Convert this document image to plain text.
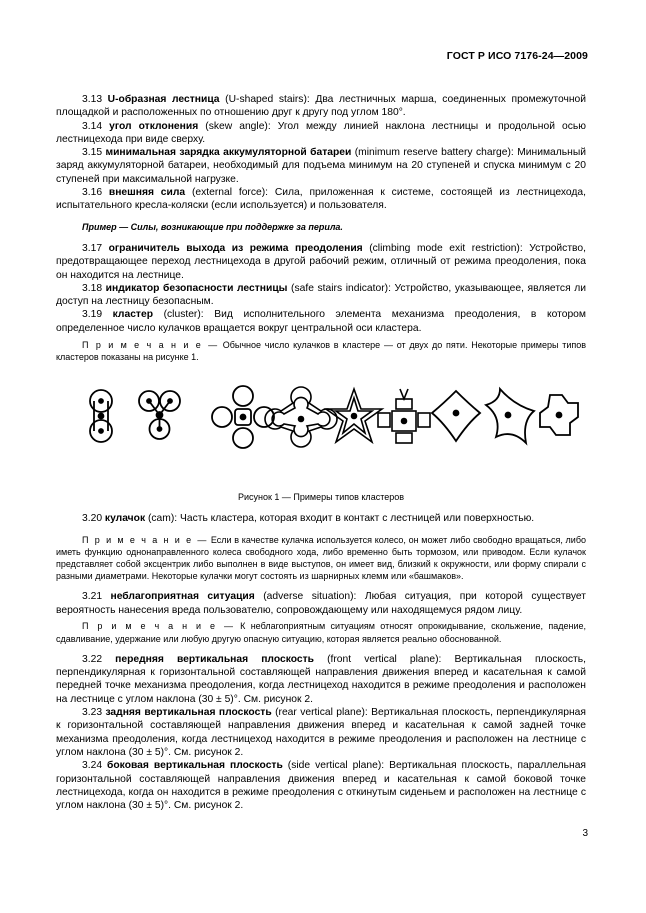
ГОСТ Р ИСО 7176-24—2009

3.13 U-образная лестница (U-shaped stairs): Два лестничных марша, соединенных промежуточной площадкой и расположенных по отношению друг к другу под углом 180°.

3.14 угол отклонения (skew angle): Угол между линией наклона лестницы и продольной осью лестницехода при виде сверху.

3.15 минимальная зарядка аккумуляторной батареи (minimum reserve battery charge): Минимальный заряд аккумуляторной батареи, необходимый для подъема минимум на 20 ступеней и спуска минимум с 20 ступеней при максимальной нагрузке.

3.16 внешняя сила (external force): Сила, приложенная к системе, состоящей из лестницехода, испытательного кресла-коляски (если используется) и пользователя.

Пример — Силы, возникающие при поддержке за перила.

3.17 ограничитель выхода из режима преодоления (climbing mode exit restriction): Устройство, предотвращающее переход лестницехода в другой рабочий режим, отличный от режима преодоления, пока он находится на лестнице.

3.18 индикатор безопасности лестницы (safe stairs indicator): Устройство, указывающее, является ли доступ на лестницу безопасным.

3.19 кластер (cluster): Вид исполнительного элемента механизма преодоления, в котором определенное число кулачков вращается вокруг центральной оси кластера.

П р и м е ч а н и е — Обычное число кулачков в кластере — от двух до пяти. Некоторые примеры типов кластеров показаны на рисунке 1.

Рисунок 1 — Примеры типов кластеров

3.20 кулачок (cam): Часть кластера, которая входит в контакт с лестницей или поверхностью.

П р и м е ч а н и е — Если в качестве кулачка используется колесо, он может либо свободно вращаться, либо иметь функцию однонаправленного колеса свободного хода, либо временно быть тормозом, или приводом. Если кулачок представляет собой эксцентрик либо выполнен в виде выступов, он имеет вид, близкий к окружности, или форму спирали с разными диаметрами. Некоторые кулачки могут состоять из шарнирных клемм или «башмаков».

3.21 неблагоприятная ситуация (adverse situation): Любая ситуация, при которой существует вероятность нанесения вреда пользователю, сопровождающему или находящемуся рядом лицу.

П р и м е ч а н и е — К неблагоприятным ситуациям относят опрокидывание, скольжение, падение, сдавливание, удержание или любую другую опасную ситуацию, которая является реально обоснованной.

3.22 передняя вертикальная плоскость (front vertical plane): Вертикальная плоскость, перпендикулярная к горизонтальной составляющей направления движения вперед и касательная к самой передней точке механизма преодоления, когда лестницеход находится в режиме преодоления и расположен на лестнице с углом наклона (30 ± 5)°. См. рисунок 2.

3.23 задняя вертикальная плоскость (rear vertical plane): Вертикальная плоскость, перпендикулярная к горизонтальной составляющей направления движения вперед и касательная к самой задней точке механизма преодоления, когда лестницеход находится в режиме преодоления и расположен на лестнице с углом наклона (30 ± 5)°. См. рисунок 2.

3.24 боковая вертикальная плоскость (side vertical plane): Вертикальная плоскость, параллельная горизонтальной составляющей направления движения вперед и касательная к самой боковой точке лестницехода, когда он находится в режиме преодоления с откинутым сиденьем и расположен на лестнице с углом наклона (30 ± 5)°. См. рисунок 2.

3
